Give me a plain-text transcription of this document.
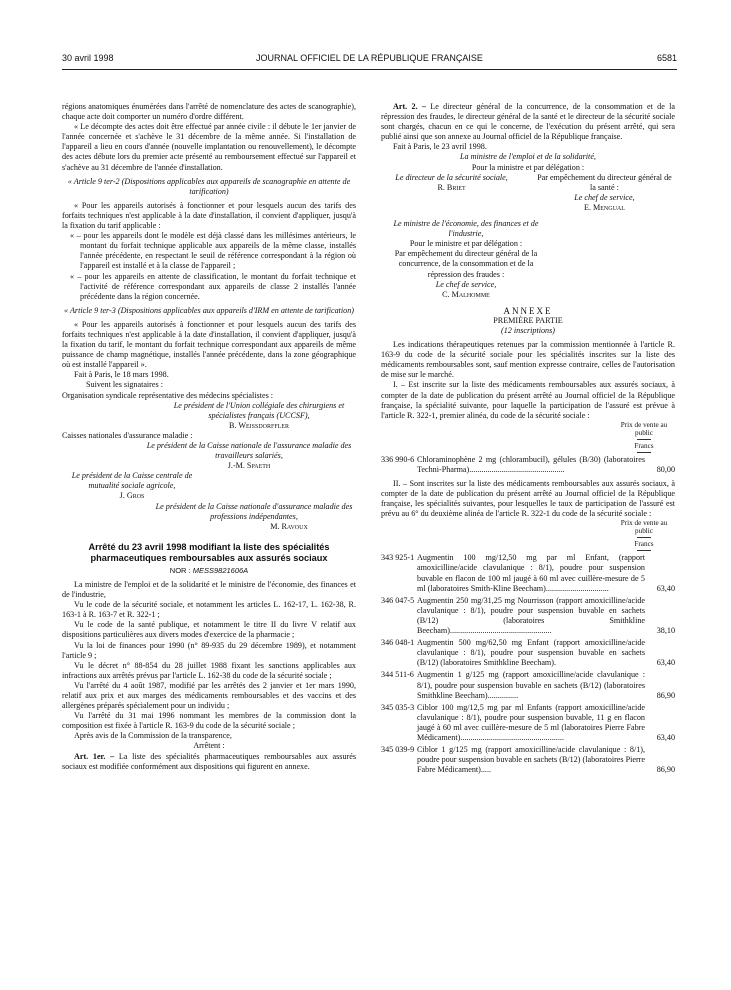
30 avril 1998	JOURNAL OFFICIEL DE LA RÉPUBLIQUE FRANÇAISE	6581

régions anatomiques énumérées dans l'arrêté de nomenclature des actes de scanographie), chaque acte doit comporter un numéro d'ordre différent.

« Le décompte des actes doit être effectué par année civile : il débute le 1er janvier de l'année concernée et s'achève le 31 décembre de la même année. Si l'installation de l'appareil a lieu en cours d'année (nouvelle implantation ou renouvellement), le décompte des actes débute lors du premier acte présenté au remboursement effectué sur l'appareil et s'achève au 31 décembre de l'année d'installation.

« Article 9 ter-2 (Dispositions applicables aux appareils de scanographie en attente de tarification)

« Pour les appareils autorisés à fonctionner et pour lesquels aucun des tarifs des forfaits techniques n'est applicable à la date d'installation, il convient d'appliquer, jusqu'à la fixation du tarif applicable :

« – pour les appareils dont le modèle est déjà classé dans les millésimes antérieurs, le montant du forfait technique applicable aux appareils de la même classe, installés l'année précédente, en respectant le seuil de référence correspondant à la région où l'appareil est installé et à la classe de l'appareil ;

« – pour les appareils en attente de classification, le montant du forfait technique et l'activité de référence correspondant aux appareils de classe 2 installés l'année précédente dans la région concernée.

« Article 9 ter-3 (Dispositions applicables aux appareils d'IRM en attente de tarification)

« Pour les appareils autorisés à fonctionner et pour lesquels aucun des tarifs des forfaits techniques n'est applicable à la date d'installation, il convient d'appliquer, jusqu'à la fixation du tarif, le montant du forfait technique correspondant aux appareils de même puissance de champ magnétique, installés l'année précédente, dans la zone géographique où est installé l'appareil ».

Fait à Paris, le 18 mars 1998.

Suivent les signataires :

Organisation syndicale représentative des médecins spécialistes :

Le président de l'Union collégiale des chirurgiens et spécialistes français (UCCSF),

B. Weissdorffler

Caisses nationales d'assurance maladie :

Le président de la Caisse nationale de l'assurance maladie des travailleurs salariés,

J.-M. Spaeth

Le président de la Caisse centrale de mutualité sociale agricole,

J. Gros

Le président de la Caisse nationale d'assurance maladie des professions indépendantes,

M. Ravoux

Arrêté du 23 avril 1998 modifiant la liste des spécialités pharmaceutiques remboursables aux assurés sociaux
NOR : MESS9821606A

La ministre de l'emploi et de la solidarité et le ministre de l'économie, des finances et de l'industrie,

Vu le code de la sécurité sociale, et notamment les articles L. 162-17, L. 162-38, R. 163-1 à R. 163-7 et R. 322-1 ;

Vu le code de la santé publique, et notamment le titre II du livre V relatif aux dispositions particulières aux divers modes d'exercice de la pharmacie ;

Vu la loi de finances pour 1990 (n° 89-935 du 29 décembre 1989), et notamment l'article 9 ;

Vu le décret n° 88-854 du 28 juillet 1988 fixant les sanctions applicables aux infractions aux arrêtés prévus par l'article L. 162-38 du code de la sécurité sociale ;

Vu l'arrêté du 4 août 1987, modifié par les arrêtés des 2 janvier et 1er mars 1990, relatif aux prix et aux marges des médicaments remboursables et des vaccins et des allergènes préparés spécialement pour un individu ;

Vu l'arrêté du 31 mai 1996 nommant les membres de la commission dont la composition est fixée à l'article R. 163-9 du code de la sécurité sociale ;

Après avis de la Commission de la transparence,

Arrêtent :

Art. 1er. – La liste des spécialités pharmaceutiques remboursables aux assurés sociaux est modifiée conformément aux dispositions qui figurent en annexe.

Art. 2. – Le directeur général de la concurrence, de la consommation et de la répression des fraudes, le directeur général de la santé et le directeur de la sécurité sociale sont chargés, chacun en ce qui le concerne, de l'exécution du présent arrêté, qui sera publié ainsi que son annexe au Journal officiel de la République française.

Fait à Paris, le 23 avril 1998.

La ministre de l'emploi et de la solidarité,

Pour la ministre et par délégation :

Le directeur de la sécurité sociale,

R. Briet

Par empêchement du directeur général de la santé :

Le chef de service,

E. Mengual

Le ministre de l'économie, des finances et de l'industrie,

Pour le ministre et par délégation :

Par empêchement du directeur général de la concurrence, de la consommation et de la répression des fraudes :

Le chef de service,

C. Malhomme

ANNEXE

PREMIÈRE PARTIE

(12 inscriptions)

Les indications thérapeutiques retenues par la commission mentionnée à l'article R. 163-9 du code de la sécurité sociale pour les spécialités inscrites sur la liste des médicaments remboursables sont, sauf mention expresse contraire, celles de l'autorisation de mise sur le marché.

I. – Est inscrite sur la liste des médicaments remboursables aux assurés sociaux, à compter de la date de publication du présent arrêté au Journal officiel de la République française, la spécialité suivante, pour laquelle la participation de l'assuré est prévue à l'article R. 322-1, premier alinéa, du code de la sécurité sociale :

Prix de vente au public
Francs
336 990-6 Chloraminophène 2 mg (chlorambucil), gélules (B/30) (laboratoires Techni-Pharma)...............................................	80,00

II. – Sont inscrites sur la liste des médicaments remboursables aux assurés sociaux, à compter de la date de publication du présent arrêté au Journal officiel de la République française, les spécialités suivantes, pour lesquelles le taux de participation de l'assuré est prévu au 6° du deuxième alinéa de l'article R. 322-1 du code de la sécurité sociale :

Prix de vente au public
Francs
343 925-1 Augmentin 100 mg/12,50 mg par ml Enfant, (rapport amoxicilline/acide clavulanique : 8/1), poudre pour suspension buvable en flacon de 100 ml jaugé à 60 ml avec cuillère-mesure de 5 ml (laboratoires Smith-Kline Beecham)...............................	63,40
346 047-5 Augmentin 250 mg/31,25 mg Nourrisson (rapport amoxicilline/acide clavulanique : 8/1), poudre pour suspension buvable en sachets (B/12) (laboratoires Smithkline Beecham)..................................................	38,10
346 048-1 Augmentin 500 mg/62,50 mg Enfant (rapport amoxicilline/acide clavulanique : 8/1), poudre pour suspension buvable en sachets (B/12) (laboratoires Smithkline Beecham).	63,40
344 511-6 Augmentin 1 g/125 mg (rapport amoxicilline/acide clavulanique : 8/1), poudre pour suspension buvable en sachets (B/12) (laboratoires Smithkline Beecham)...............	86,90
345 035-3 Ciblor 100 mg/12,5 mg par ml Enfants (rapport amoxicilline/acide clavulanique : 8/1), poudre pour suspension buvable, 11 g en flacon jaugé à 60 ml avec cuillère-mesure de 5 ml (laboratoires Pierre Fabre Médicament)...................................................	63,40
345 039-9 Ciblor 1 g/125 mg (rapport amoxicilline/acide clavulanique : 8/1), poudre pour suspension buvable en sachets (B/12) (laboratoires Pierre Fabre Médicament).....	86,90
